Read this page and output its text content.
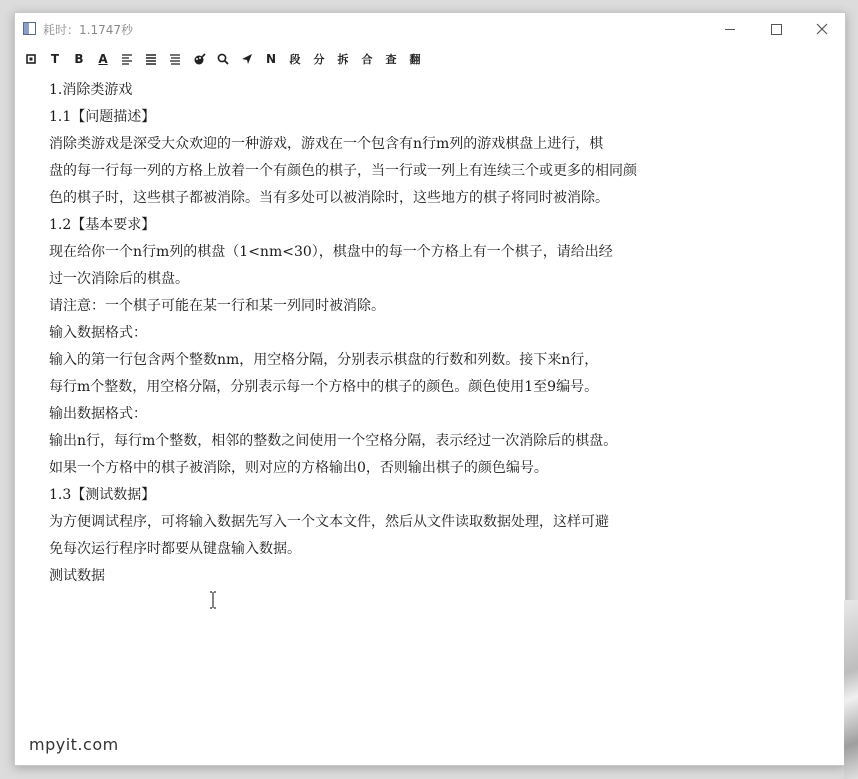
耗时：1.1747秒
T	B	A	N	段	分	拆	合	查	翻
1.消除类游戏
1.1【问题描述】
消除类游戏是深受大众欢迎的一种游戏，游戏在一个包含有n行m列的游戏棋盘上进行，棋
盘的每一行每一列的方格上放着一个有颜色的棋子，当一行或一列上有连续三个或更多的相同颜
色的棋子时，这些棋子都被消除。当有多处可以被消除时，这些地方的棋子将同时被消除。
1.2【基本要求】
现在给你一个n行m列的棋盘（1<nm<30），棋盘中的每一个方格上有一个棋子，请给出经
过一次消除后的棋盘。
请注意：一个棋子可能在某一行和某一列同时被消除。
输入数据格式：
输入的第一行包含两个整数nm，用空格分隔，分别表示棋盘的行数和列数。接下来n行，
每行m个整数，用空格分隔，分别表示每一个方格中的棋子的颜色。颜色使用1至9编号。
输出数据格式：
输出n行，每行m个整数，相邻的整数之间使用一个空格分隔，表示经过一次消除后的棋盘。
如果一个方格中的棋子被消除，则对应的方格输出0，否则输出棋子的颜色编号。
1.3【测试数据】
为方便调试程序，可将输入数据先写入一个文本文件，然后从文件读取数据处理，这样可避
免每次运行程序时都要从键盘输入数据。
测试数据
mpyit.com
